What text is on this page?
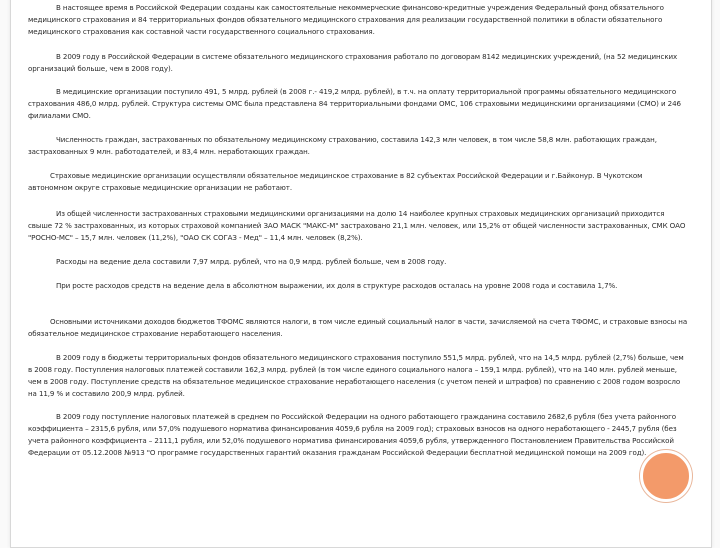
В настоящее время в Российской Федерации созданы как самостоятельные некоммерческие финансово-кредитные учреждения Федеральный фонд обязательного медицинского страхования и 84 территориальных фондов обязательного медицинского страхования для реализации государственной политики в области обязательного медицинского страхования как составной части государственного социального страхования.
В 2009 году в Российской Федерации в системе обязательного медицинского страхования работало по договорам 8142 медицинских учреждений, (на 52 медицинских организаций больше, чем в 2008 году).
В медицинские организации поступило 491, 5 млрд. рублей (в 2008 г.- 419,2 млрд. рублей), в т.ч. на оплату территориальной программы обязательного медицинского страхования 486,0 млрд. рублей. Структура системы ОМС была представлена 84 территориальными фондами ОМС, 106 страховыми медицинскими организациями (СМО) и 246 филиалами СМО.
Численность граждан, застрахованных по обязательному медицинскому страхованию, составила 142,3 млн человек, в том числе 58,8 млн. работающих граждан, застрахованных 9 млн. работодателей, и 83,4 млн. неработающих граждан.
Страховые медицинские организации осуществляли обязательное медицинское страхование в 82 субъектах Российской Федерации и г.Байконур. В Чукотском автономном округе страховые медицинские организации не работают.
Из общей численности застрахованных страховыми медицинскими организациями на долю 14 наиболее крупных страховых медицинских организаций приходится свыше 72 % застрахованных, из которых страховой компанией ЗАО МАСК "МАКС-М" застраховано 21,1 млн. человек, или 15,2% от общей численности застрахованных, СМК ОАО "РОСНО-МС" – 15,7 млн. человек (11,2%), "ОАО СК СОГАЗ - Мед" – 11,4 млн. человек (8,2%).
Расходы на ведение дела составили 7,97 млрд. рублей, что на 0,9 млрд. рублей больше, чем в 2008 году.
При росте расходов средств на ведение дела в абсолютном выражении, их доля в структуре расходов осталась на уровне 2008 года и составила 1,7%.
Основными источниками доходов бюджетов ТФОМС являются налоги, в том числе единый социальный налог в части, зачисляемой на счета ТФОМС, и страховые взносы на обязательное медицинское страхование неработающего населения.
В 2009 году в бюджеты территориальных фондов обязательного медицинского страхования поступило 551,5 млрд. рублей, что на 14,5 млрд. рублей (2,7%) больше, чем в 2008 году. Поступления налоговых платежей составили 162,3 млрд. рублей (в том числе единого социального налога – 159,1 млрд. рублей), что на 140 млн. рублей меньше, чем в 2008 году. Поступление средств на обязательное медицинское страхование неработающего населения (с учетом пеней и штрафов) по сравнению с 2008 годом возросло на 11,9 % и составило 200,9 млрд. рублей.
В 2009 году поступление налоговых платежей в среднем по Российской Федерации на одного работающего гражданина составило 2682,6 рубля (без учета районного коэффициента – 2315,6 рубля, или 57,0% подушевого норматива финансирования 4059,6 рубля на 2009 год); страховых взносов на одного неработающего - 2445,7 рубля (без учета районного коэффициента – 2111,1 рубля, или 52,0% подушевого норматива финансирования 4059,6 рубля, утвержденного Постановлением Правительства Российской Федерации от 05.12.2008 №913 "О программе государственных гарантий оказания гражданам Российской Федерации бесплатной медицинской помощи на 2009 год).
